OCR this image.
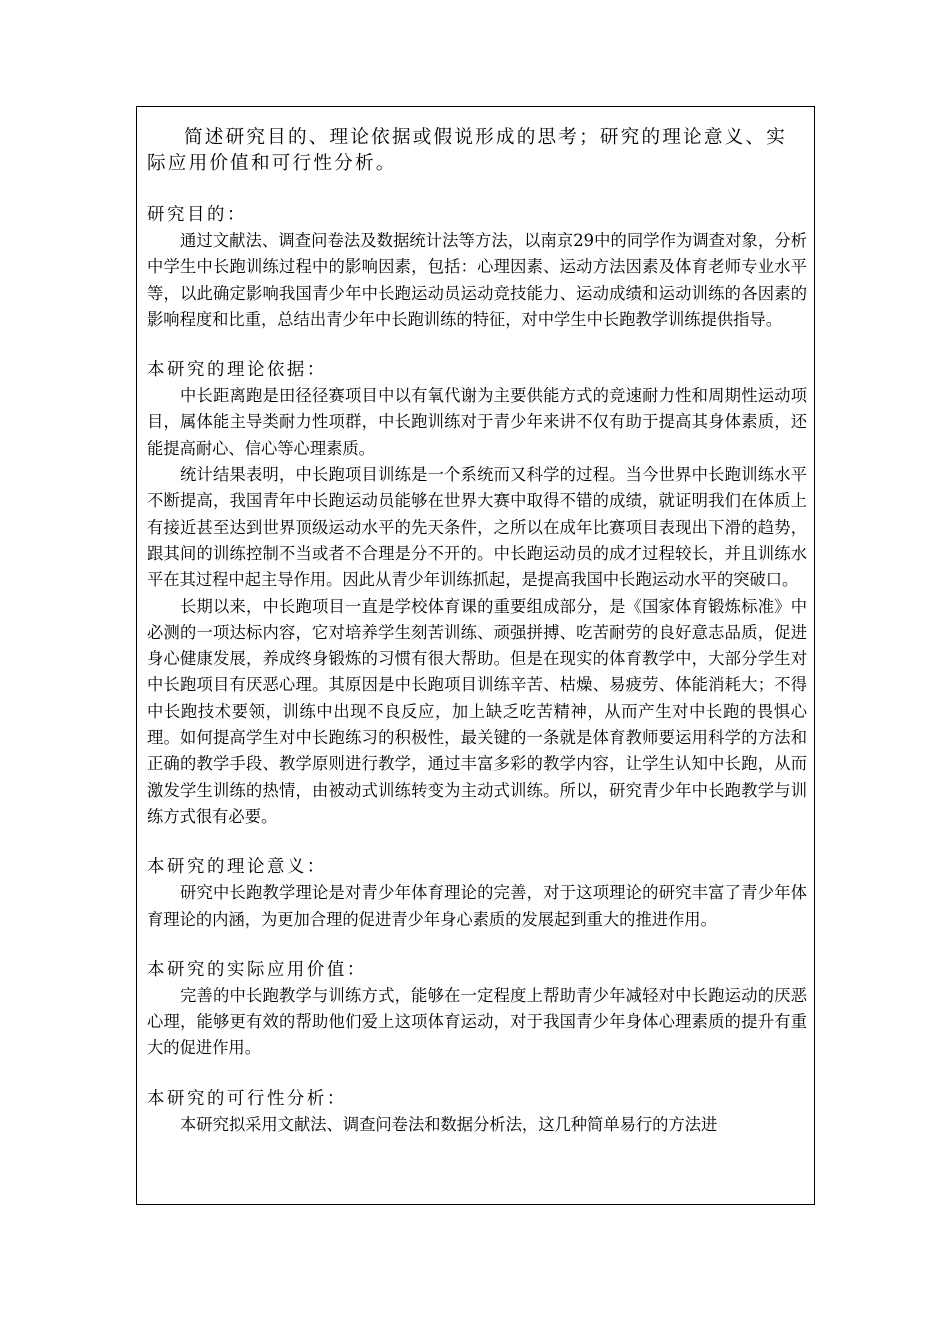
简述研究目的、理论依据或假说形成的思考；研究的理论意义、实际应用价值和可行性分析。

研究目的：

通过文献法、调查问卷法及数据统计法等方法，以南京29中的同学作为调查对象，分析中学生中长跑训练过程中的影响因素，包括：心理因素、运动方法因素及体育老师专业水平等，以此确定影响我国青少年中长跑运动员运动竞技能力、运动成绩和运动训练的各因素的影响程度和比重，总结出青少年中长跑训练的特征，对中学生中长跑教学训练提供指导。

本研究的理论依据：

中长距离跑是田径径赛项目中以有氧代谢为主要供能方式的竞速耐力性和周期性运动项目，属体能主导类耐力性项群，中长跑训练对于青少年来讲不仅有助于提高其身体素质，还能提高耐心、信心等心理素质。

统计结果表明，中长跑项目训练是一个系统而又科学的过程。当今世界中长跑训练水平不断提高，我国青年中长跑运动员能够在世界大赛中取得不错的成绩，就证明我们在体质上有接近甚至达到世界顶级运动水平的先天条件，之所以在成年比赛项目表现出下滑的趋势，跟其间的训练控制不当或者不合理是分不开的。中长跑运动员的成才过程较长，并且训练水平在其过程中起主导作用。因此从青少年训练抓起，是提高我国中长跑运动水平的突破口。

长期以来，中长跑项目一直是学校体育课的重要组成部分，是《国家体育锻炼标准》中必测的一项达标内容，它对培养学生刻苦训练、顽强拼搏、吃苦耐劳的良好意志品质，促进身心健康发展，养成终身锻炼的习惯有很大帮助。但是在现实的体育教学中，大部分学生对中长跑项目有厌恶心理。其原因是中长跑项目训练辛苦、枯燥、易疲劳、体能消耗大；不得中长跑技术要领，训练中出现不良反应，加上缺乏吃苦精神，从而产生对中长跑的畏惧心理。如何提高学生对中长跑练习的积极性，最关键的一条就是体育教师要运用科学的方法和正确的教学手段、教学原则进行教学，通过丰富多彩的教学内容，让学生认知中长跑，从而激发学生训练的热情，由被动式训练转变为主动式训练。所以，研究青少年中长跑教学与训练方式很有必要。

本研究的理论意义：

研究中长跑教学理论是对青少年体育理论的完善，对于这项理论的研究丰富了青少年体育理论的内涵，为更加合理的促进青少年身心素质的发展起到重大的推进作用。

本研究的实际应用价值：

完善的中长跑教学与训练方式，能够在一定程度上帮助青少年减轻对中长跑运动的厌恶心理，能够更有效的帮助他们爱上这项体育运动，对于我国青少年身体心理素质的提升有重大的促进作用。

本研究的可行性分析：

本研究拟采用文献法、调查问卷法和数据分析法，这几种简单易行的方法进
